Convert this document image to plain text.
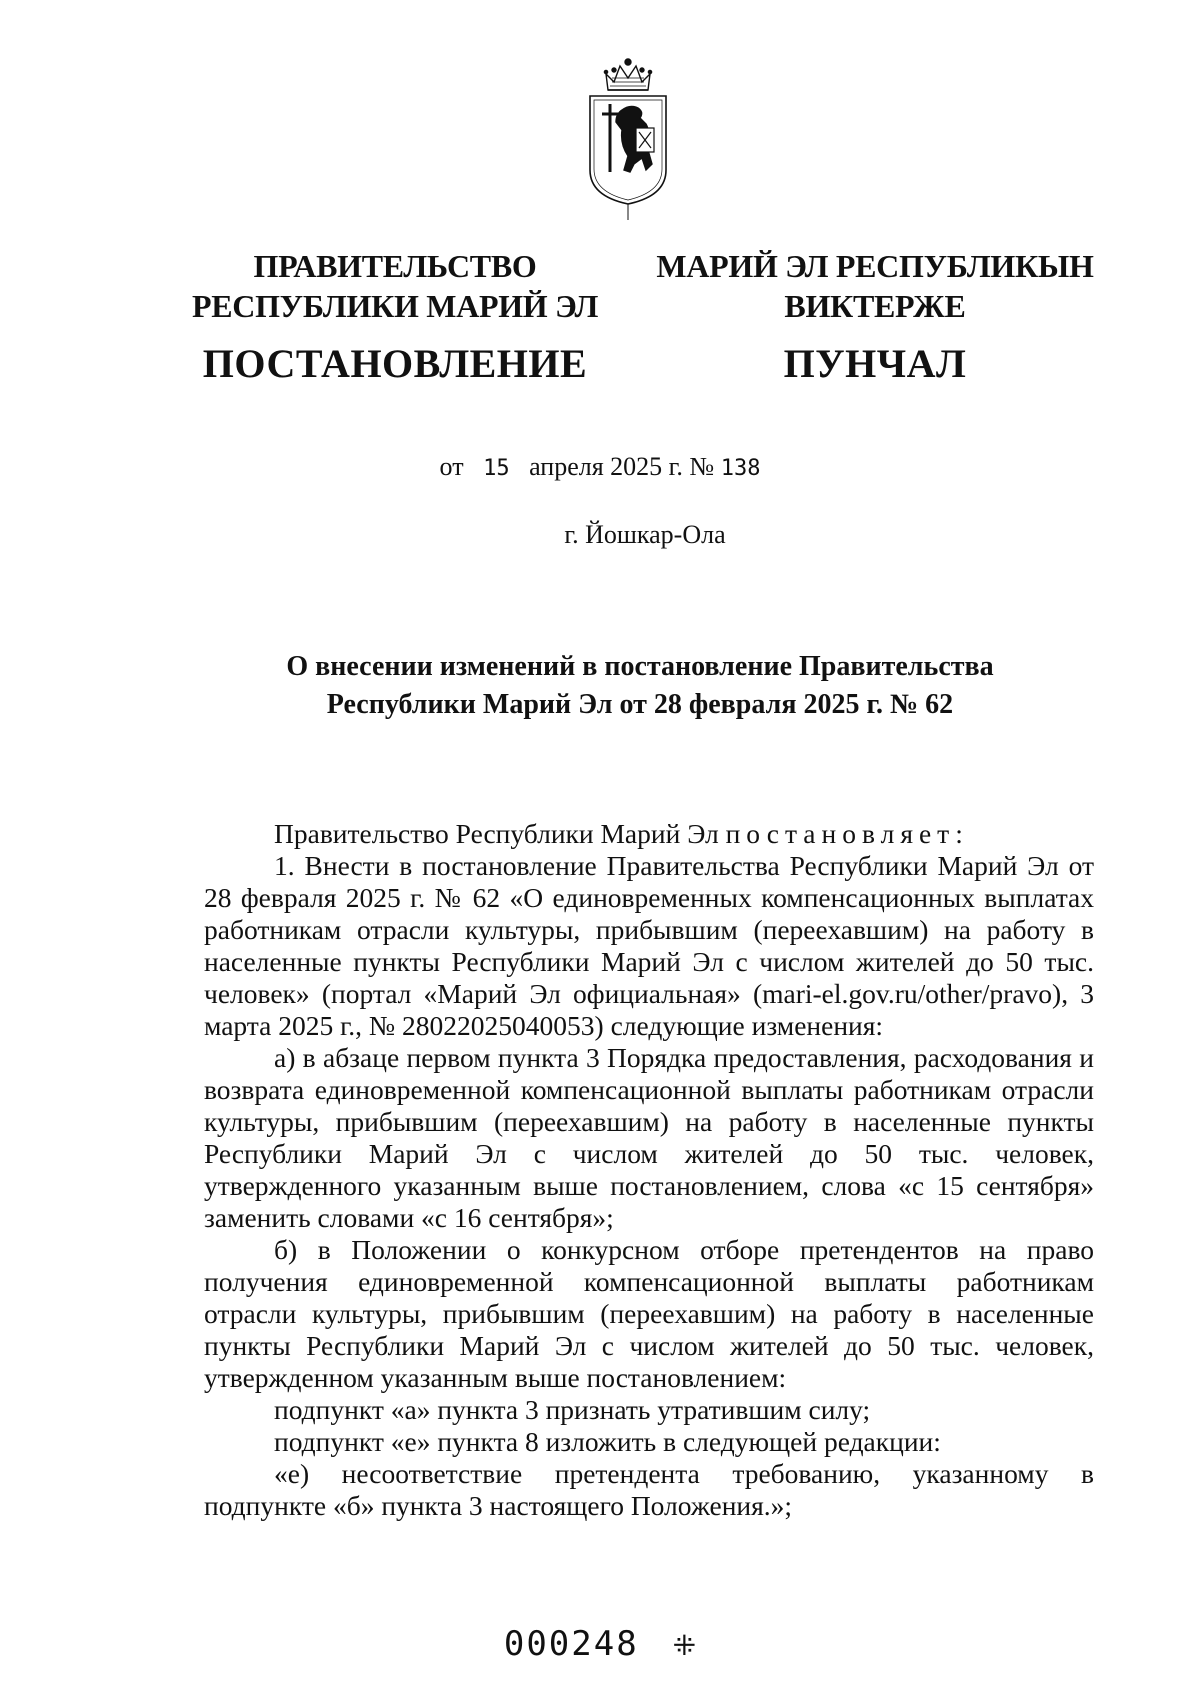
ПРАВИТЕЛЬСТВО
РЕСПУБЛИКИ МАРИЙ ЭЛ
ПОСТАНОВЛЕНИЕ
МАРИЙ ЭЛ РЕСПУБЛИКЫН
ВИКТЕРЖЕ
ПУНЧАЛ
от 15 апреля 2025 г. № 138
г. Йошкар-Ола
О внесении изменений в постановление Правительства
Республики Марий Эл от 28 февраля 2025 г. № 62

Правительство Республики Марий Эл постановляет:

1. Внести в постановление Правительства Республики Марий Эл от 28 февраля 2025 г. № 62 «О единовременных компенсационных выплатах работникам отрасли культуры, прибывшим (переехавшим) на работу в населенные пункты Республики Марий Эл с числом жителей до 50 тыс. человек» (портал «Марий Эл официальная» (mari-el.gov.ru/other/pravo), 3 марта 2025 г., № 28022025040053) следующие изменения:

а) в абзаце первом пункта 3 Порядка предоставления, расходования и возврата единовременной компенсационной выплаты работникам отрасли культуры, прибывшим (переехавшим) на работу в населенные пункты Республики Марий Эл с числом жителей до 50 тыс. человек, утвержденного указанным выше постановлением, слова «с 15 сентября» заменить словами «с 16 сентября»;

б) в Положении о конкурсном отборе претендентов на право получения единовременной компенсационной выплаты работникам отрасли культуры, прибывшим (переехавшим) на работу в населенные пункты Республики Марий Эл с числом жителей до 50 тыс. человек, утвержденном указанным выше постановлением:

подпункт «а» пункта 3 признать утратившим силу;

подпункт «е» пункта 8 изложить в следующей редакции:

«е) несоответствие претендента требованию, указанному в подпункте «б» пункта 3 настоящего Положения.»;

000248 ⁜
